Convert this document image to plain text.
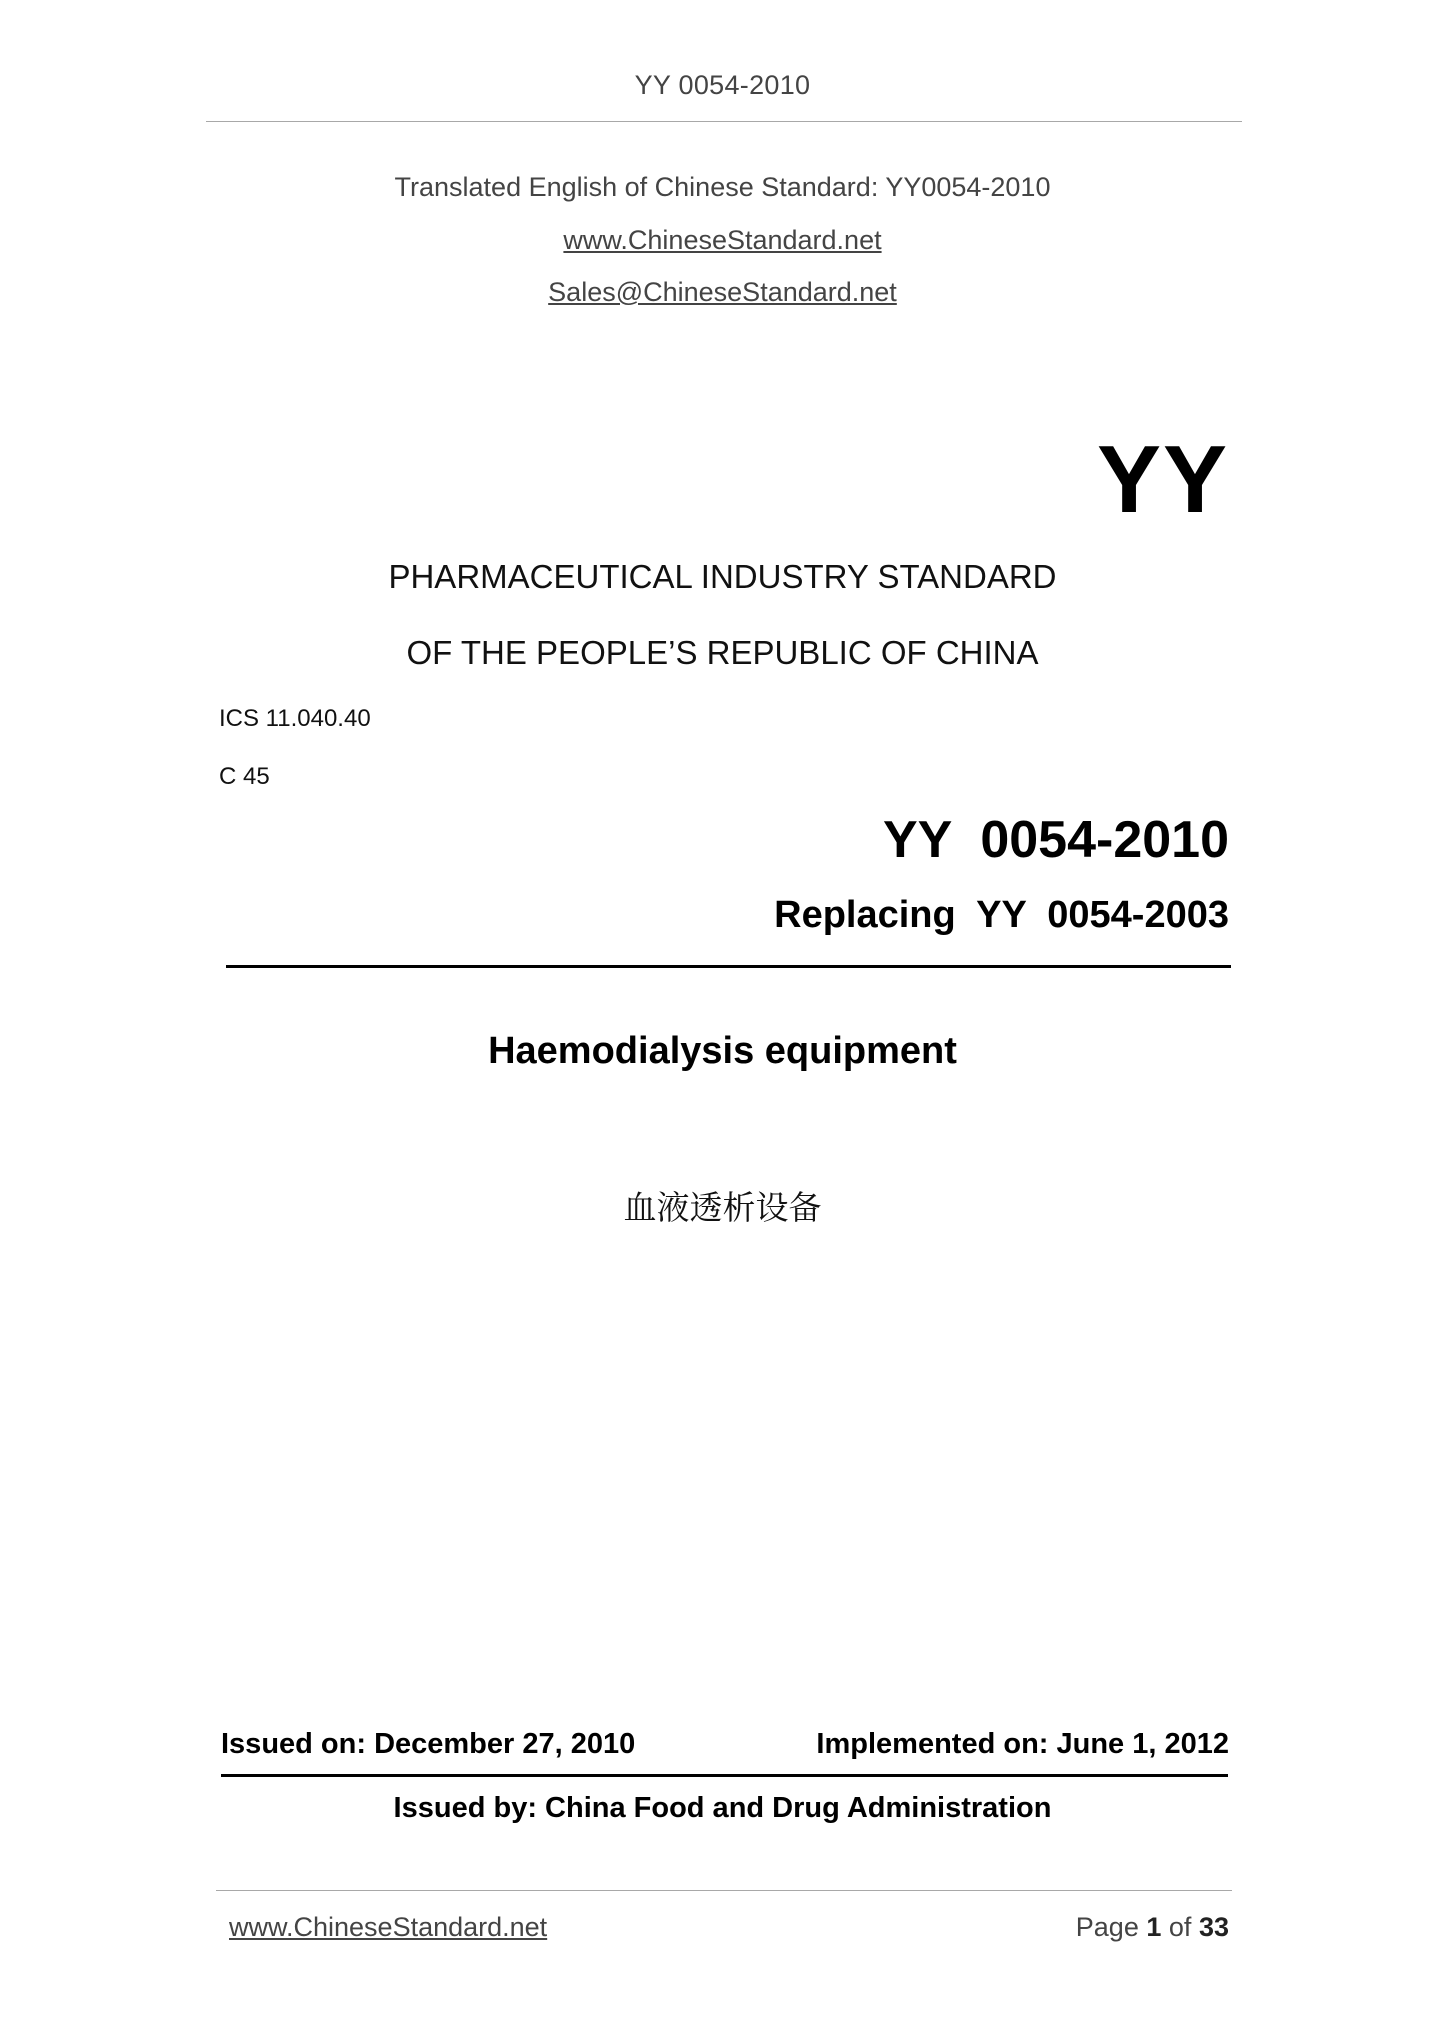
YY 0054-2010
Translated English of Chinese Standard: YY0054-2010
www.ChineseStandard.net
Sales@ChineseStandard.net
YY
PHARMACEUTICAL INDUSTRY STANDARD
OF THE PEOPLE’S REPUBLIC OF CHINA
ICS 11.040.40
C 45
YY  0054-2010
Replacing  YY  0054-2003
Haemodialysis equipment
血液透析设备
Issued on: December 27, 2010	Implemented on: June 1, 2012
Issued by: China Food and Drug Administration
www.ChineseStandard.net	Page 1 of 33
